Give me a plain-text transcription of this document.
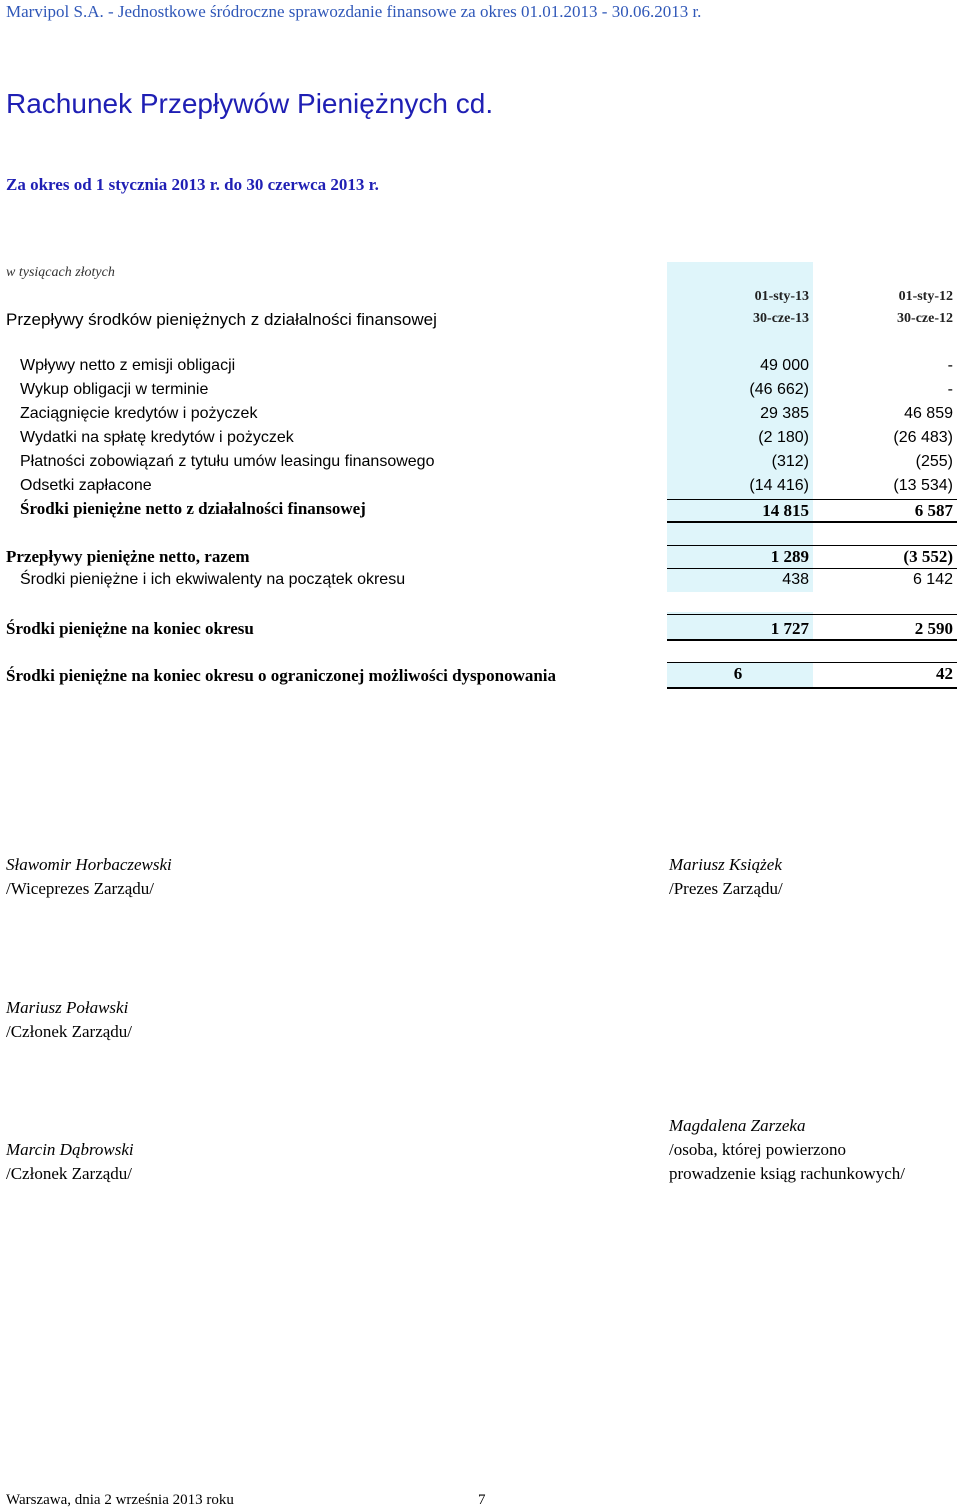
Marvipol S.A. - Jednostkowe śródroczne sprawozdanie finansowe za okres 01.01.2013 - 30.06.2013 r.
Rachunek Przepływów Pieniężnych cd.
Za okres od 1 stycznia 2013 r. do 30 czerwca 2013 r.
w tysiącach złotych
01-sty-13
30-cze-13
01-sty-12
30-cze-12
Przepływy środków pieniężnych z działalności finansowej
Wpływy netto z emisji obligacji	49 000	-
Wykup obligacji w terminie	(46 662)	-
Zaciągnięcie kredytów i pożyczek	29 385	46 859
Wydatki na spłatę kredytów i pożyczek	(2 180)	(26 483)
Płatności zobowiązań z tytułu umów leasingu finansowego	(312)	(255)
Odsetki zapłacone	(14 416)	(13 534)
Środki pieniężne netto z działalności finansowej	14 815	6 587
Przepływy pieniężne netto, razem	1 289	(3 552)
Środki pieniężne i ich ekwiwalenty na początek okresu	438	6 142
Środki pieniężne na koniec okresu	1 727	2 590
Środki pieniężne na koniec okresu o ograniczonej możliwości dysponowania	6	42
Sławomir Horbaczewski
/Wiceprezes Zarządu/
Mariusz Książek
/Prezes Zarządu/
Mariusz Poławski
/Członek Zarządu/
Marcin Dąbrowski
/Członek Zarządu/
Magdalena Zarzeka
/osoba, której powierzono
prowadzenie ksiąg rachunkowych/
Warszawa, dnia 2 września 2013 roku	7
